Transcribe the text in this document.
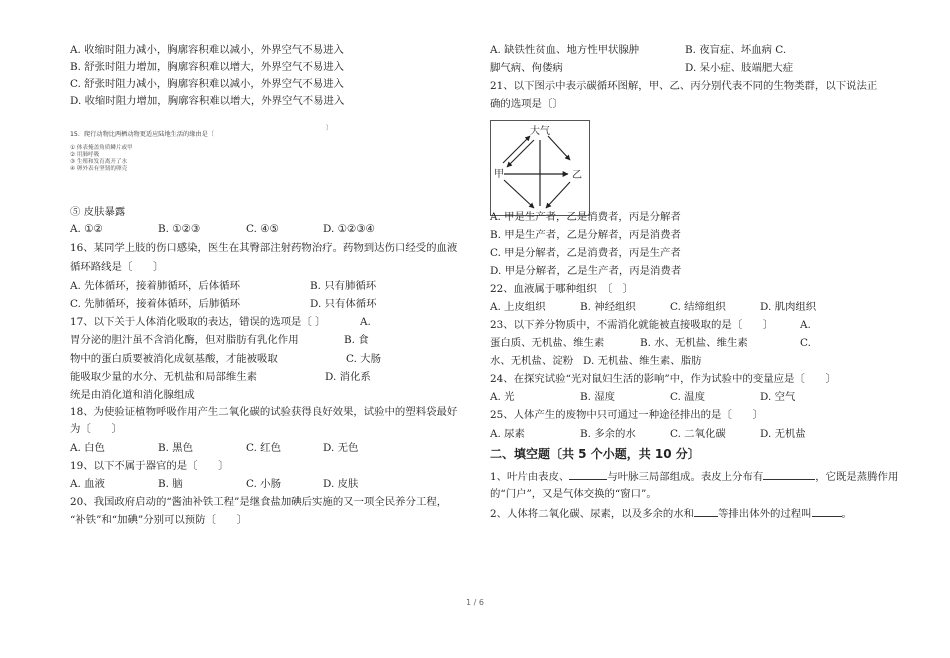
A. 收缩时阻力减小，胸廓容积难以减小，外界空气不易进入
B. 舒张时阻力增加，胸廓容积难以增大，外界空气不易进入
C. 舒张时阻力减小，胸廓容积难以减小，外界空气不易进入
D. 收缩时阻力增加，胸廓容积难以增大，外界空气不易进入
15．爬行动物比两栖动物更适应陆地生活的缘由是〔
〕
① 体表掩盖角质鳞片或甲
② 用肺呼吸
③ 生殖和发育离开了水
④ 卵外表有坚韧的卵壳
⑤ 皮肤暴露
A. ①②	B. ①②③	C. ④⑤	D. ①②③④
16、某同学上肢的伤口感染，医生在其臀部注射药物治疗。药物到达伤口经受的血液
循环路线是〔　　〕
A. 先体循环，接着肺循环，后体循环	B. 只有肺循环
C. 先肺循环，接着体循环，后肺循环	D. 只有体循环
17、以下关于人体消化吸取的表达，错误的选项是〔 〕	A.
胃分泌的胆汁虽不含消化酶，但对脂肪有乳化作用	B. 食
物中的蛋白质要被消化成氨基酸，才能被吸取	C. 大肠
能吸取少量的水分、无机盐和局部维生素	D. 消化系
统是由消化道和消化腺组成
18、为使验证植物呼吸作用产生二氧化碳的试验获得良好效果，试验中的塑料袋最好
为〔　　〕
A. 白色	B. 黑色	C. 红色	D. 无色
19、以下不属于器官的是〔　　〕
A. 血液	B. 脑	C. 小肠	D. 皮肤
20、我国政府启动的“酱油补铁工程”是继食盐加碘后实施的又一项全民养分工程，
“补铁”和“加碘”分别可以预防〔　　〕
A. 缺铁性贫血、地方性甲状腺肿	B. 夜盲症、坏血病 C.
脚气病、佝偻病	D. 呆小症、肢端肥大症
21、以下图示中表示碳循环图解，甲、乙、丙分别代表不同的生物类群，以下说法正
确的选项是〔〕
大气
甲	乙
A. 甲是生产者，乙是消费者，丙是分解者
B. 甲是生产者，乙是分解者，丙是消费者
C. 甲是分解者，乙是消费者，丙是生产者
D. 甲是分解者，乙是生产者，丙是消费者
22、血液属于哪种组织　〔　〕
A. 上皮组织	B. 神经组织	C. 结缔组织	D. 肌肉组织
23、以下养分物质中，不需消化就能被直接吸取的是〔　　〕	A.
蛋白质、无机盐、维生素	B. 水、无机盐、维生素	C.
水、无机盐、淀粉 D. 无机盐、维生素、脂肪
24、在探究试验“光对鼠妇生活的影响”中，作为试验中的变量应是〔　　〕
A. 光	B. 湿度	C. 温度	D. 空气
25、人体产生的废物中只可通过一种途径排出的是〔　　〕
A. 尿素	B. 多余的水	C. 二氧化碳	D. 无机盐
二、填空题〔共 5 个小题，共 10 分〕
1、叶片由表皮、	与叶脉三局部组成。表皮上分布有	，它既是蒸腾作用
的“门户”，又是气体交换的“窗口”。
2、人体将二氧化碳、尿素，以及多余的水和 等排出体外的过程叫	。
1 / 6
